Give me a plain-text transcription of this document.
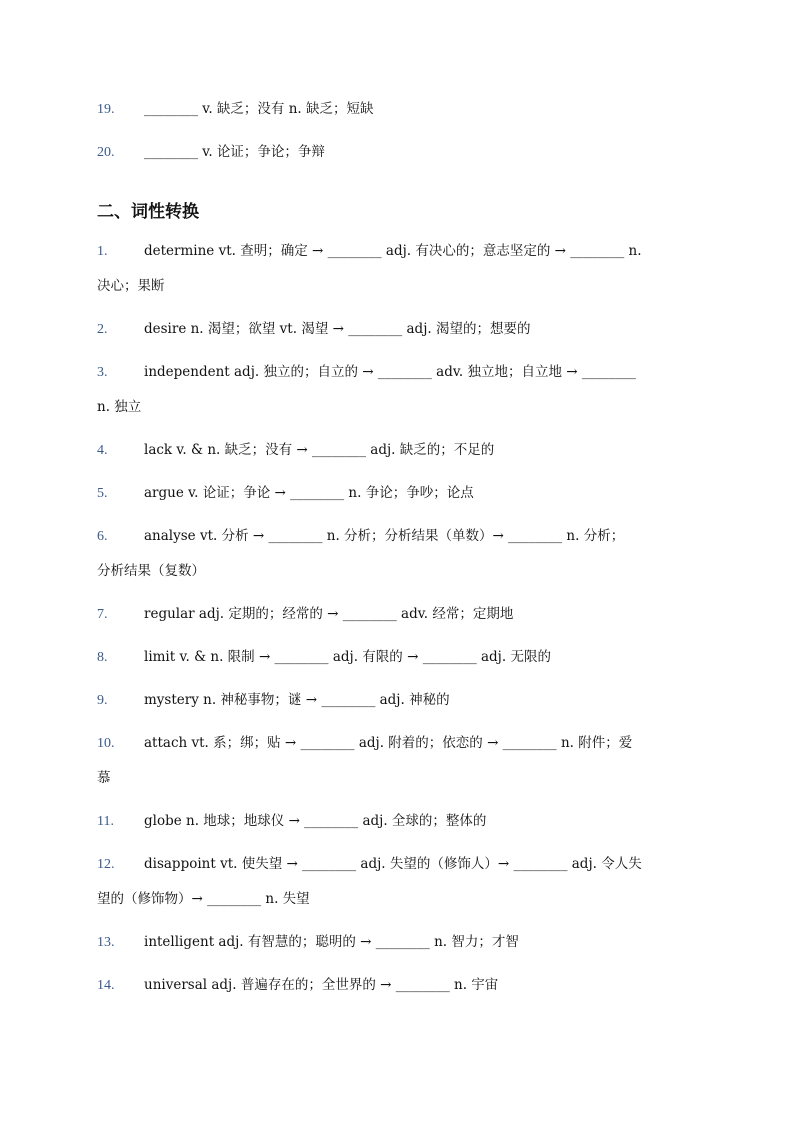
19. ________ v. 缺乏；没有 n. 缺乏；短缺
20. ________ v. 论证；争论；争辩
二、词性转换
1.	determine vt. 查明；确定 → ________ adj. 有决心的；意志坚定的 → ________ n.
决心；果断
2.	desire n. 渴望；欲望 vt. 渴望 → ________ adj. 渴望的；想要的
3.	independent adj. 独立的；自立的 → ________ adv. 独立地；自立地 → ________
n. 独立
4.	lack v. & n. 缺乏；没有 → ________ adj. 缺乏的；不足的
5.	argue v. 论证；争论 → ________ n. 争论；争吵；论点
6.	analyse vt. 分析 → ________ n. 分析；分析结果（单数）→ ________ n. 分析；
分析结果（复数）
7.	regular adj. 定期的；经常的 → ________ adv. 经常；定期地
8.	limit v. & n. 限制 → ________ adj. 有限的 → ________ adj. 无限的
9.	mystery n. 神秘事物；谜 → ________ adj. 神秘的
10. attach vt. 系；绑；贴 → ________ adj. 附着的；依恋的 → ________ n. 附件；爱
慕
11. globe n. 地球；地球仪 → ________ adj. 全球的；整体的
12. disappoint vt. 使失望 → ________ adj. 失望的（修饰人）→ ________ adj. 令人失
望的（修饰物）→ ________ n. 失望
13. intelligent adj. 有智慧的；聪明的 → ________ n. 智力；才智
14. universal adj. 普遍存在的；全世界的 → ________ n. 宇宙
